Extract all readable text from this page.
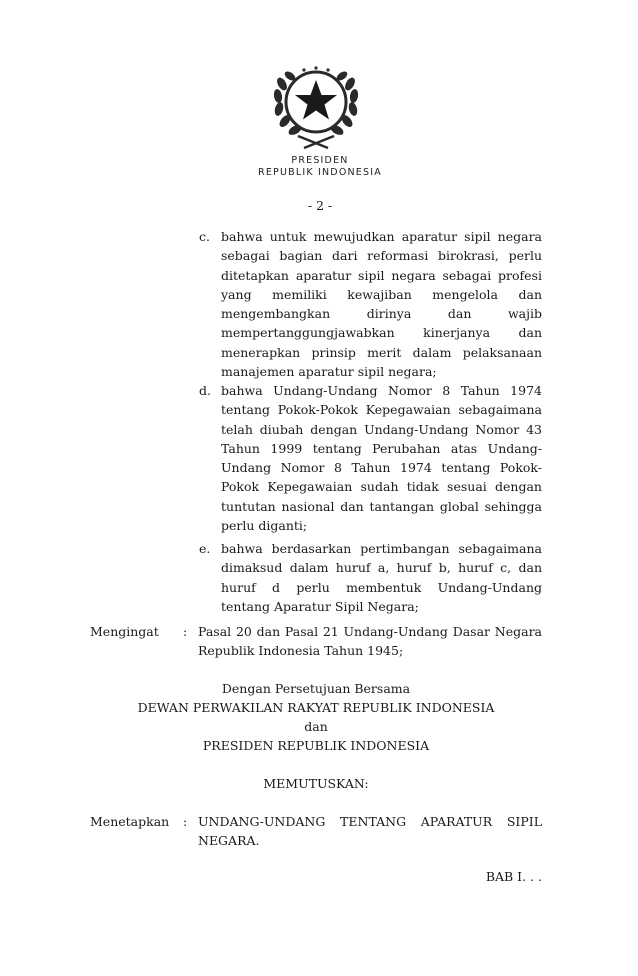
PRESIDEN
REPUBLIK INDONESIA
- 2 -
c. bahwa untuk mewujudkan aparatur sipil negara sebagai bagian dari reformasi birokrasi, perlu ditetapkan aparatur sipil negara sebagai profesi yang memiliki kewajiban mengelola dan mengembangkan dirinya dan wajib mempertanggungjawabkan kinerjanya dan menerapkan prinsip merit dalam pelaksanaan manajemen aparatur sipil negara;
d. bahwa Undang-Undang Nomor 8 Tahun 1974 tentang Pokok-Pokok Kepegawaian sebagaimana telah diubah dengan Undang-Undang Nomor 43 Tahun 1999 tentang Perubahan atas Undang-Undang Nomor 8 Tahun 1974 tentang Pokok-Pokok Kepegawaian sudah tidak sesuai dengan tuntutan nasional dan tantangan global sehingga perlu diganti;
e. bahwa berdasarkan pertimbangan sebagaimana dimaksud dalam huruf a, huruf b, huruf c, dan huruf d perlu membentuk Undang-Undang tentang Aparatur Sipil Negara;
Mengingat : Pasal 20 dan Pasal 21 Undang-Undang Dasar Negara Republik Indonesia Tahun 1945;
Dengan Persetujuan Bersama
DEWAN PERWAKILAN RAKYAT REPUBLIK INDONESIA
dan
PRESIDEN REPUBLIK INDONESIA
MEMUTUSKAN:
Menetapkan : UNDANG-UNDANG TENTANG APARATUR SIPIL NEGARA.
BAB I. . .
